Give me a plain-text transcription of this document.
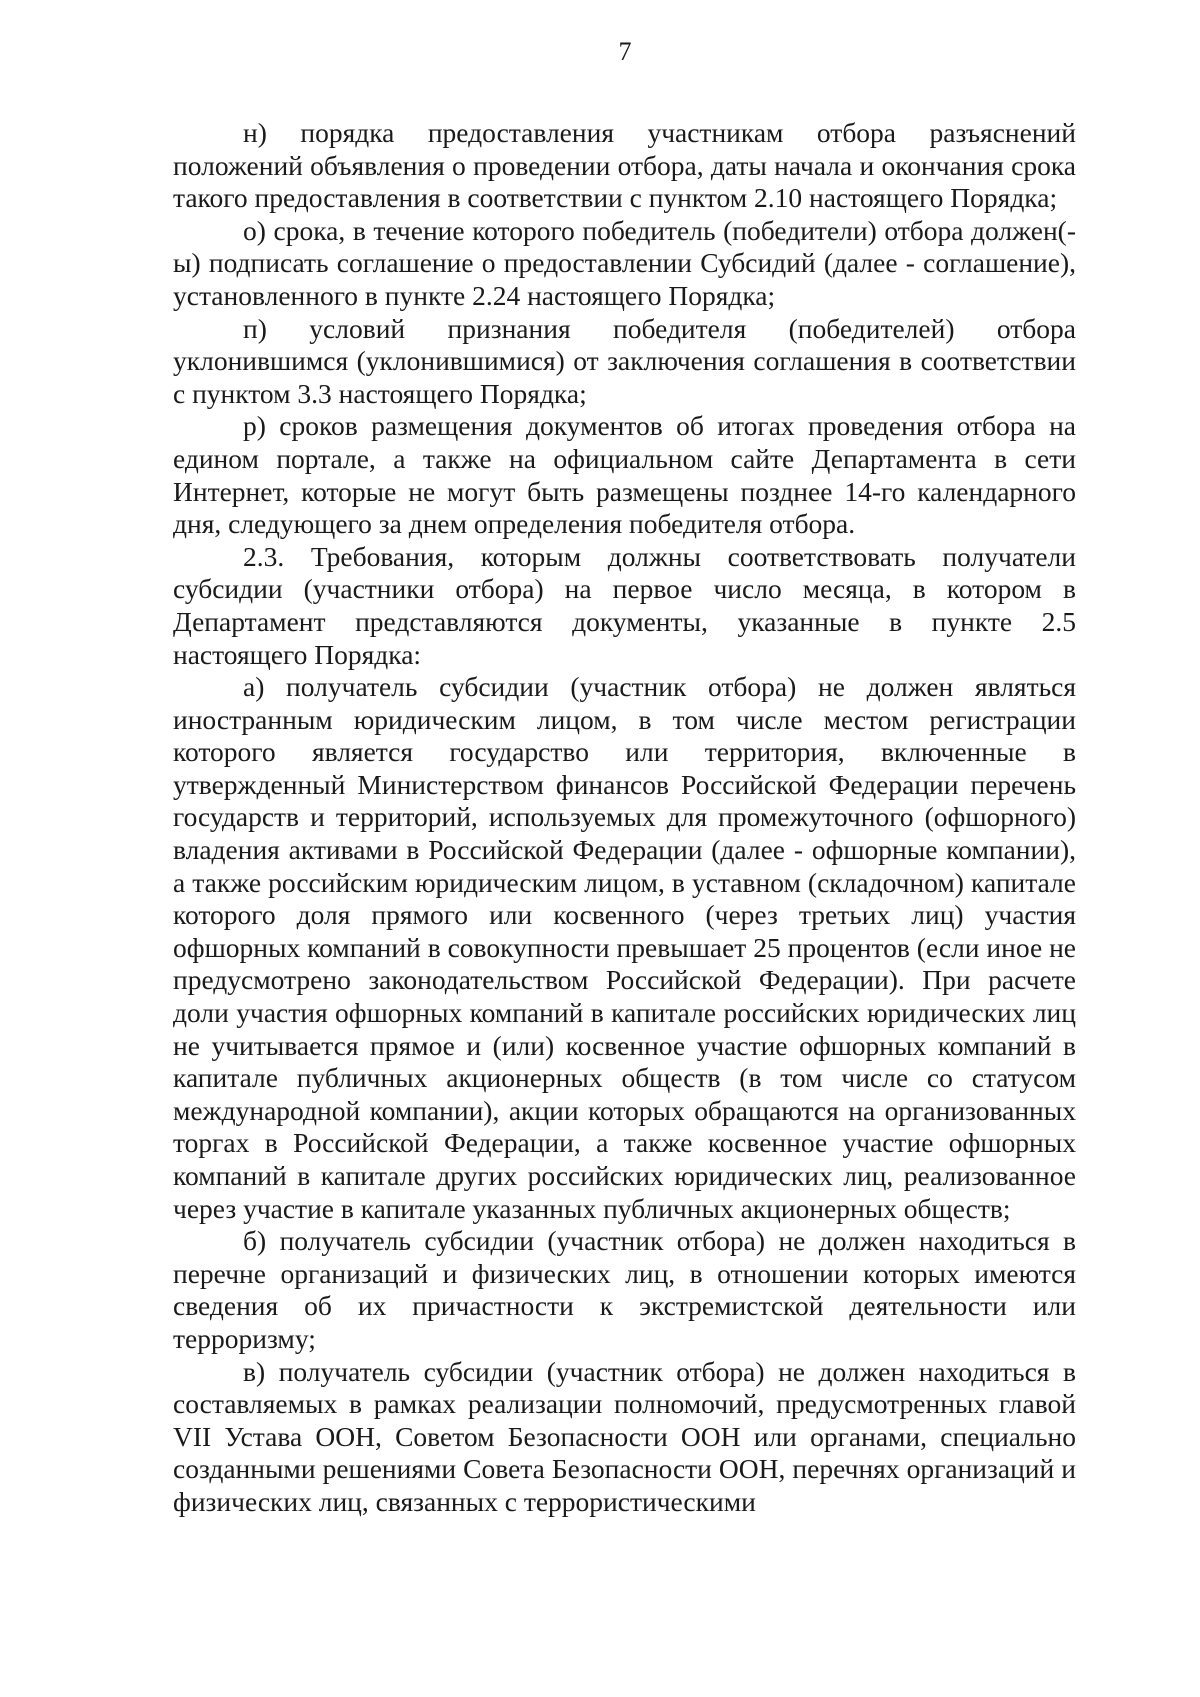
7

н) порядка предоставления участникам отбора разъяснений положений объявления о проведении отбора, даты начала и окончания срока такого предоставления в соответствии с пунктом 2.10 настоящего Порядка;

о) срока, в течение которого победитель (победители) отбора должен(-ы) подписать соглашение о предоставлении Субсидий (далее - соглашение), установленного в пункте 2.24 настоящего Порядка;

п) условий признания победителя (победителей) отбора уклонившимся (уклонившимися) от заключения соглашения в соответствии с пунктом 3.3 настоящего Порядка;

р) сроков размещения документов об итогах проведения отбора на едином портале, а также на официальном сайте Департамента в сети Интернет, которые не могут быть размещены позднее 14-го календарного дня, следующего за днем определения победителя отбора.

2.3. Требования, которым должны соответствовать получатели субсидии (участники отбора) на первое число месяца, в котором в Департамент представляются документы, указанные в пункте 2.5 настоящего Порядка:

а) получатель субсидии (участник отбора) не должен являться иностранным юридическим лицом, в том числе местом регистрации которого является государство или территория, включенные в утвержденный Министерством финансов Российской Федерации перечень государств и территорий, используемых для промежуточного (офшорного) владения активами в Российской Федерации (далее - офшорные компании), а также российским юридическим лицом, в уставном (складочном) капитале которого доля прямого или косвенного (через третьих лиц) участия офшорных компаний в совокупности превышает 25 процентов (если иное не предусмотрено законодательством Российской Федерации). При расчете доли участия офшорных компаний в капитале российских юридических лиц не учитывается прямое и (или) косвенное участие офшорных компаний в капитале публичных акционерных обществ (в том числе со статусом международной компании), акции которых обращаются на организованных торгах в Российской Федерации, а также косвенное участие офшорных компаний в капитале других российских юридических лиц, реализованное через участие в капитале указанных публичных акционерных обществ;

б) получатель субсидии (участник отбора) не должен находиться в перечне организаций и физических лиц, в отношении которых имеются сведения об их причастности к экстремистской деятельности или терроризму;

в) получатель субсидии (участник отбора) не должен находиться в составляемых в рамках реализации полномочий, предусмотренных главой VII Устава ООН, Советом Безопасности ООН или органами, специально созданными решениями Совета Безопасности ООН, перечнях организаций и физических лиц, связанных с террористическими
